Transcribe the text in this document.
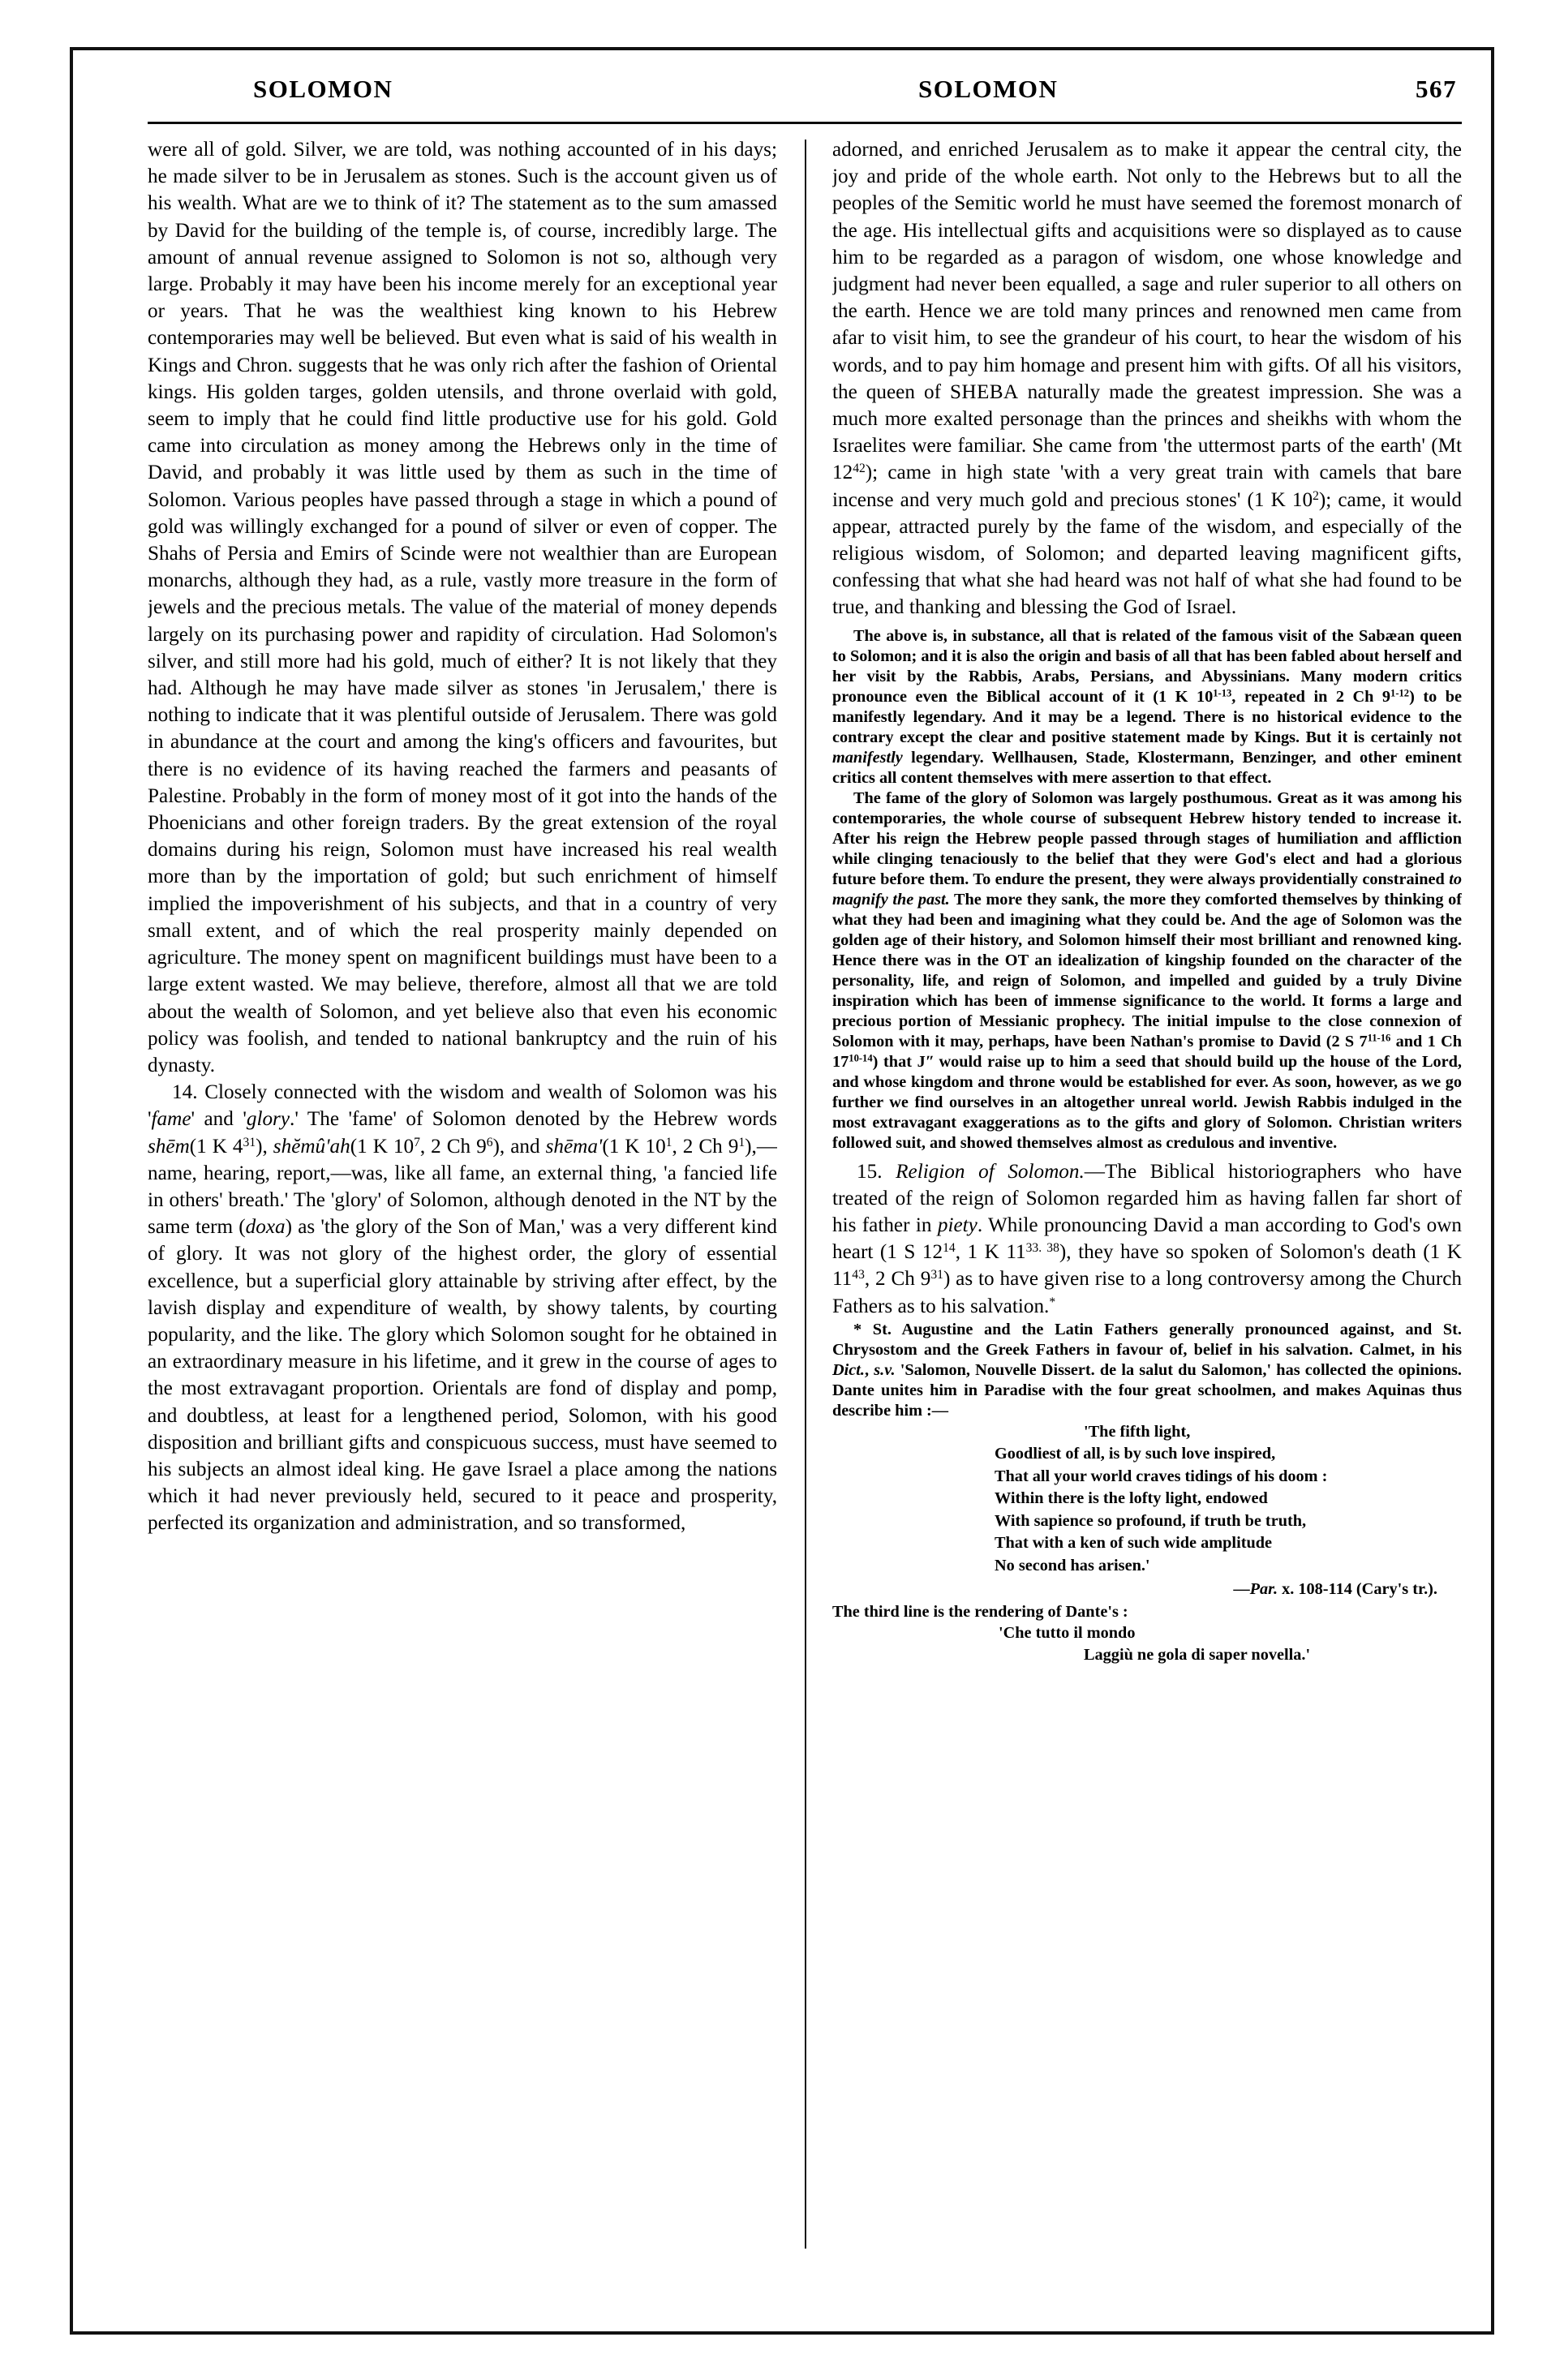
SOLOMON	SOLOMON	567

were all of gold. Silver, we are told, was nothing accounted of in his days; he made silver to be in Jerusalem as stones. Such is the account given us of his wealth. What are we to think of it? The statement as to the sum amassed by David for the building of the temple is, of course, incredibly large. The amount of annual revenue assigned to Solomon is not so, although very large. Probably it may have been his income merely for an exceptional year or years. That he was the wealthiest king known to his Hebrew contemporaries may well be believed. But even what is said of his wealth in Kings and Chron. suggests that he was only rich after the fashion of Oriental kings. His golden targes, golden utensils, and throne overlaid with gold, seem to imply that he could find little productive use for his gold. Gold came into circulation as money among the Hebrews only in the time of David, and probably it was little used by them as such in the time of Solomon. Various peoples have passed through a stage in which a pound of gold was willingly exchanged for a pound of silver or even of copper. The Shahs of Persia and Emirs of Scinde were not wealthier than are European monarchs, although they had, as a rule, vastly more treasure in the form of jewels and the precious metals. The value of the material of money depends largely on its purchasing power and rapidity of circulation. Had Solomon's silver, and still more had his gold, much of either? It is not likely that they had. Although he may have made silver as stones 'in Jerusalem,' there is nothing to indicate that it was plentiful outside of Jerusalem. There was gold in abundance at the court and among the king's officers and favourites, but there is no evidence of its having reached the farmers and peasants of Palestine. Probably in the form of money most of it got into the hands of the Phoenicians and other foreign traders. By the great extension of the royal domains during his reign, Solomon must have increased his real wealth more than by the importation of gold; but such enrichment of himself implied the impoverishment of his subjects, and that in a country of very small extent, and of which the real prosperity mainly depended on agriculture. The money spent on magnificent buildings must have been to a large extent wasted. We may believe, therefore, almost all that we are told about the wealth of Solomon, and yet believe also that even his economic policy was foolish, and tended to national bankruptcy and the ruin of his dynasty.

14. Closely connected with the wisdom and wealth of Solomon was his 'fame' and 'glory.' The 'fame' of Solomon denoted by the Hebrew words shēm(1 K $4^{31}$), shĕmû'ah(1 K $10^7$, 2 Ch $9^6$), and shēma'(1 K $10^1$, 2 Ch $9^1),—name$, hearing, report,—was, like all fame, an external thing, 'a fancied life in others' breath.' The 'glory' of Solomon, although denoted in the NT by the same term (doxa) as 'the glory of the Son of Man,' was a very different kind of glory. It was not glory of the highest order, the glory of essential excellence, but a superficial glory attainable by striving after effect, by the lavish display and expenditure of wealth, by showy talents, by courting popularity, and the like. The glory which Solomon sought for he obtained in an extraordinary measure in his lifetime, and it grew in the course of ages to the most extravagant proportion. Orientals are fond of display and pomp, and doubtless, at least for a lengthened period, Solomon, with his good disposition and brilliant gifts and conspicuous success, must have seemed to his subjects an almost ideal king. He gave Israel a place among the nations which it had never previously held, secured to it peace and prosperity, perfected its organization and administration, and so transformed,

adorned, and enriched Jerusalem as to make it appear the central city, the joy and pride of the whole earth. Not only to the Hebrews but to all the peoples of the Semitic world he must have seemed the foremost monarch of the age. His intellectual gifts and acquisitions were so displayed as to cause him to be regarded as a paragon of wisdom, one whose knowledge and judgment had never been equalled, a sage and ruler superior to all others on the earth. Hence we are told many princes and renowned men came from afar to visit him, to see the grandeur of his court, to hear the wisdom of his words, and to pay him homage and present him with gifts. Of all his visitors, the queen of SHEBA naturally made the greatest impression. She was a much more exalted personage than the princes and sheikhs with whom the Israelites were familiar. She came from 'the uttermost parts of the earth' (Mt $12^{42}$); came in high state 'with a very great train with camels that bare incense and very much gold and precious stones' (1 K $10^2$); came, it would appear, attracted purely by the fame of the wisdom, and especially of the religious wisdom, of Solomon; and departed leaving magnificent gifts, confessing that what she had heard was not half of what she had found to be true, and thanking and blessing the God of Israel.

The above is, in substance, all that is related of the famous visit of the Sabæan queen to Solomon; and it is also the origin and basis of all that has been fabled about herself and her visit by the Rabbis, Arabs, Persians, and Abyssinians. Many modern critics pronounce even the Biblical account of it (1 K 10$^{1-13}$, repeated in 2 Ch 9$^{1-12}$) to be manifestly legendary. And it may be a legend. There is no historical evidence to the contrary except the clear and positive statement made by Kings. But it is certainly not manifestly legendary. Wellhausen, Stade, Klostermann, Benzinger, and other eminent critics all content themselves with mere assertion to that effect.

The fame of the glory of Solomon was largely posthumous. Great as it was among his contemporaries, the whole course of subsequent Hebrew history tended to increase it. After his reign the Hebrew people passed through stages of humiliation and affliction while clinging tenaciously to the belief that they were God's elect and had a glorious future before them. To endure the present, they were always providentially constrained to magnify the past. The more they sank, the more they comforted themselves by thinking of what they had been and imagining what they could be. And the age of Solomon was the golden age of their history, and Solomon himself their most brilliant and renowned king. Hence there was in the OT an idealization of kingship founded on the character of the personality, life, and reign of Solomon, and impelled and guided by a truly Divine inspiration which has been of immense significance to the world. It forms a large and precious portion of Messianic prophecy. The initial impulse to the close connexion of Solomon with it may, perhaps, have been Nathan's promise to David (2 S 7$^{11-16}$ and 1 Ch 17$^{10-14}$) that Jʺ would raise up to him a seed that should build up the house of the Lord, and whose kingdom and throne would be established for ever. As soon, however, as we go further we find ourselves in an altogether unreal world. Jewish Rabbis indulged in the most extravagant exaggerations as to the gifts and glory of Solomon. Christian writers followed suit, and showed themselves almost as credulous and inventive.

15. Religion of Solomon.—The Biblical historiographers who have treated of the reign of Solomon regarded him as having fallen far short of his father in piety. While pronouncing David a man according to God's own heart (1 S $12^{14}$, 1 K $11^{33. 38}$), they have so spoken of Solomon's death (1 K $11^{43}$, 2 Ch $9^{31}$) as to have given rise to a long controversy among the Church Fathers as to his salvation.*

* St. Augustine and the Latin Fathers generally pronounced against, and St. Chrysostom and the Greek Fathers in favour of, belief in his salvation. Calmet, in his Dict., s.v. 'Salomon, Nouvelle Dissert. de la salut du Salomon,' has collected the opinions. Dante unites him in Paradise with the four great schoolmen, and makes Aquinas thus describe him :—

'The fifth light,
Goodliest of all, is by such love inspired,
That all your world craves tidings of his doom :
Within there is the lofty light, endowed
With sapience so profound, if truth be truth,
That with a ken of such wide amplitude
No second has arisen.'

—Par. x. 108-114 (Cary's tr.).

The third line is the rendering of Dante's :

'Che tutto il mondo
Laggiù ne gola di saper novella.'
